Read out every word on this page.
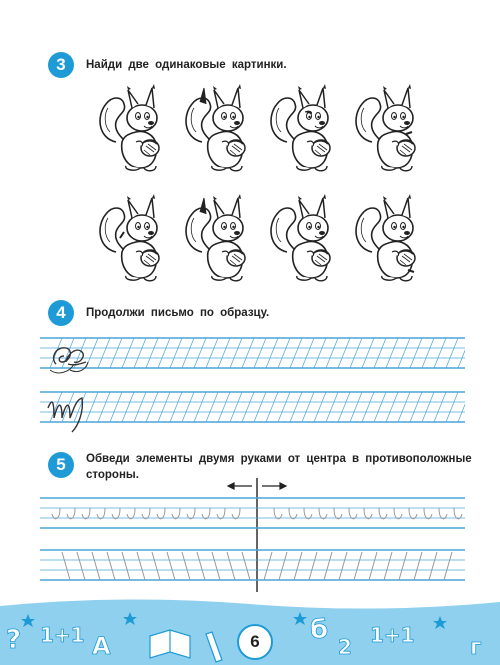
3	Найди две одинаковые картинки.
4	Продолжи письмо по образцу.
5	Обведи элементы двумя руками от центра в противоположные
стороны.
? 1+1 A
б
2 1+1	г
6
